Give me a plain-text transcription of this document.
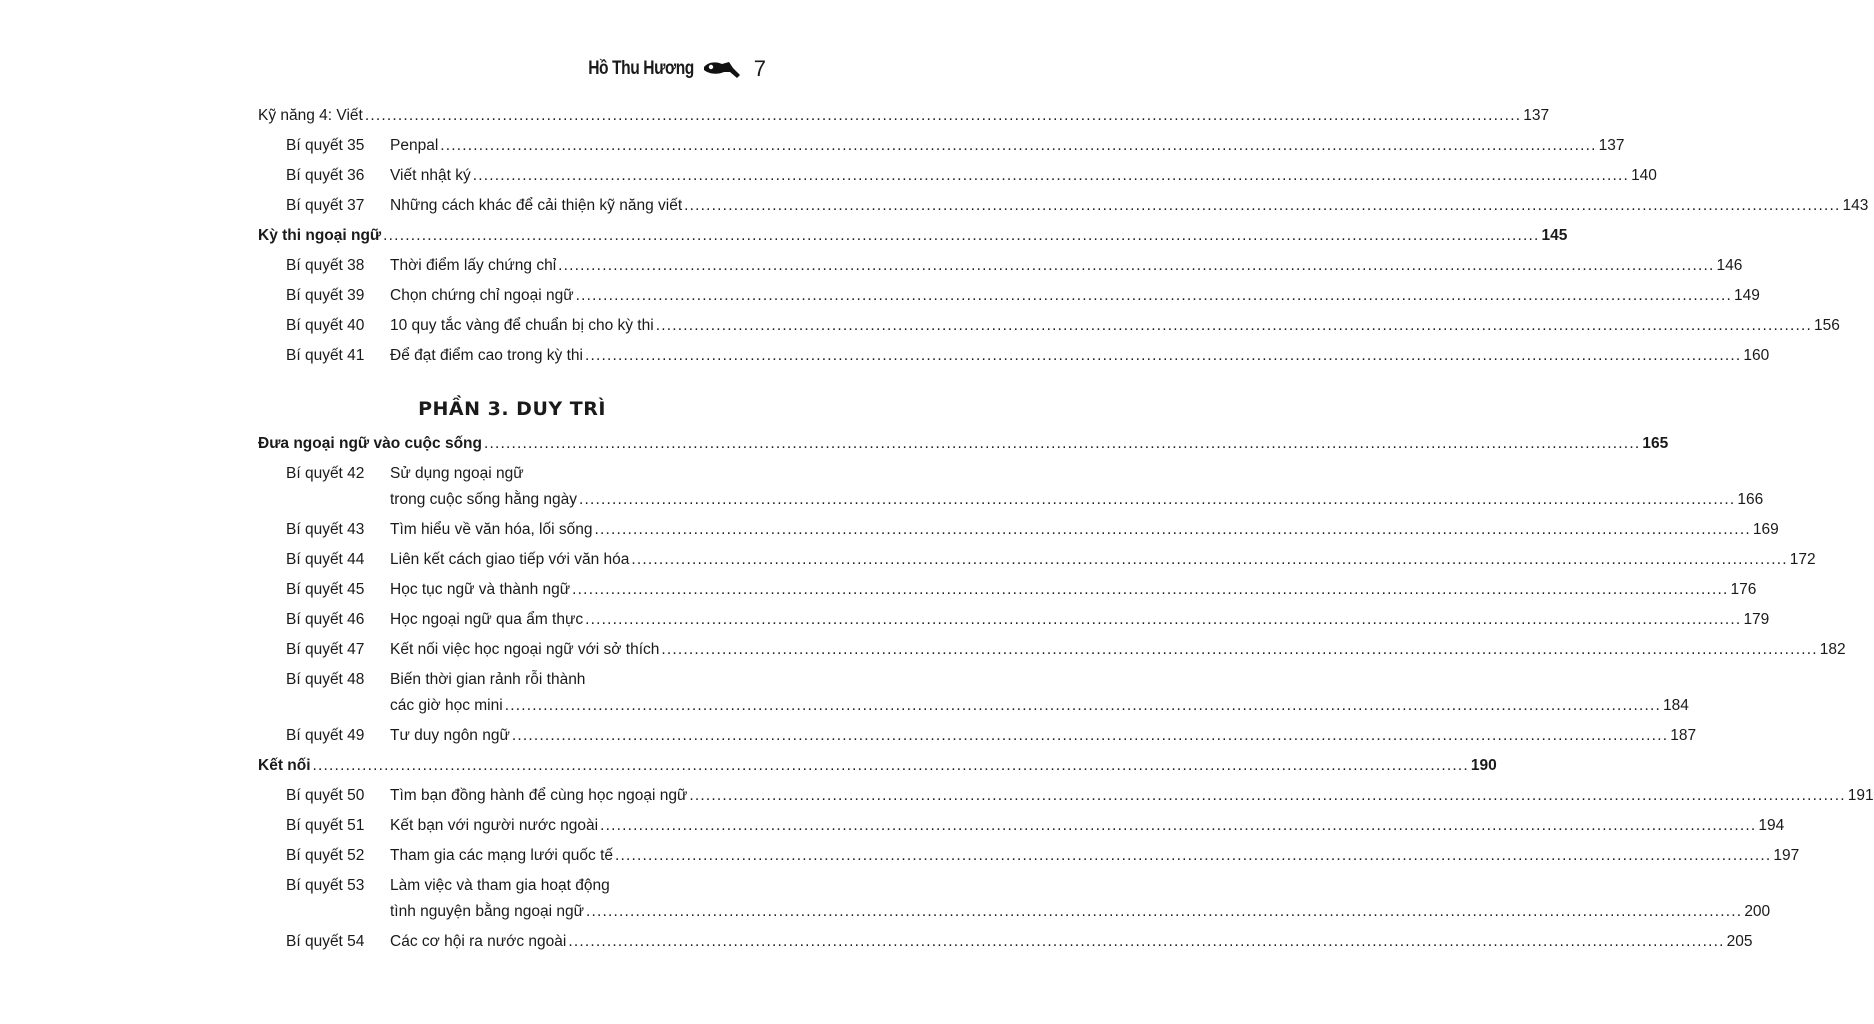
Hồ Thu Hương	7
Kỹ năng 4: Viết .....	137
Bí quyết 35	Penpal .....	137
Bí quyết 36	Viết nhật ký .....	140
Bí quyết 37	Những cách khác để cải thiện kỹ năng viết .....	143
Kỳ thi ngoại ngữ .....	145
Bí quyết 38	Thời điểm lấy chứng chỉ .....	146
Bí quyết 39	Chọn chứng chỉ ngoại ngữ .....	149
Bí quyết 40	10 quy tắc vàng để chuẩn bị cho kỳ thi .....	156
Bí quyết 41	Để đạt điểm cao trong kỳ thi .....	160
PHẦN 3. DUY TRÌ
Đưa ngoại ngữ vào cuộc sống .....	165
Bí quyết 42	Sử dụng ngoại ngữ
trong cuộc sống hằng ngày .....	166
Bí quyết 43	Tìm hiểu về văn hóa, lối sống .....	169
Bí quyết 44	Liên kết cách giao tiếp với văn hóa .....	172
Bí quyết 45	Học tục ngữ và thành ngữ .....	176
Bí quyết 46	Học ngoại ngữ qua ẩm thực .....	179
Bí quyết 47	Kết nối việc học ngoại ngữ với sở thích .....	182
Bí quyết 48	Biến thời gian rảnh rỗi thành
các giờ học mini .....	184
Bí quyết 49	Tư duy ngôn ngữ .....	187
Kết nối .....	190
Bí quyết 50	Tìm bạn đồng hành để cùng học ngoại ngữ .....	191
Bí quyết 51	Kết bạn với người nước ngoài .....	194
Bí quyết 52	Tham gia các mạng lưới quốc tế .....	197
Bí quyết 53	Làm việc và tham gia hoạt động
tình nguyện bằng ngoại ngữ .....	200
Bí quyết 54	Các cơ hội ra nước ngoài .....	205
